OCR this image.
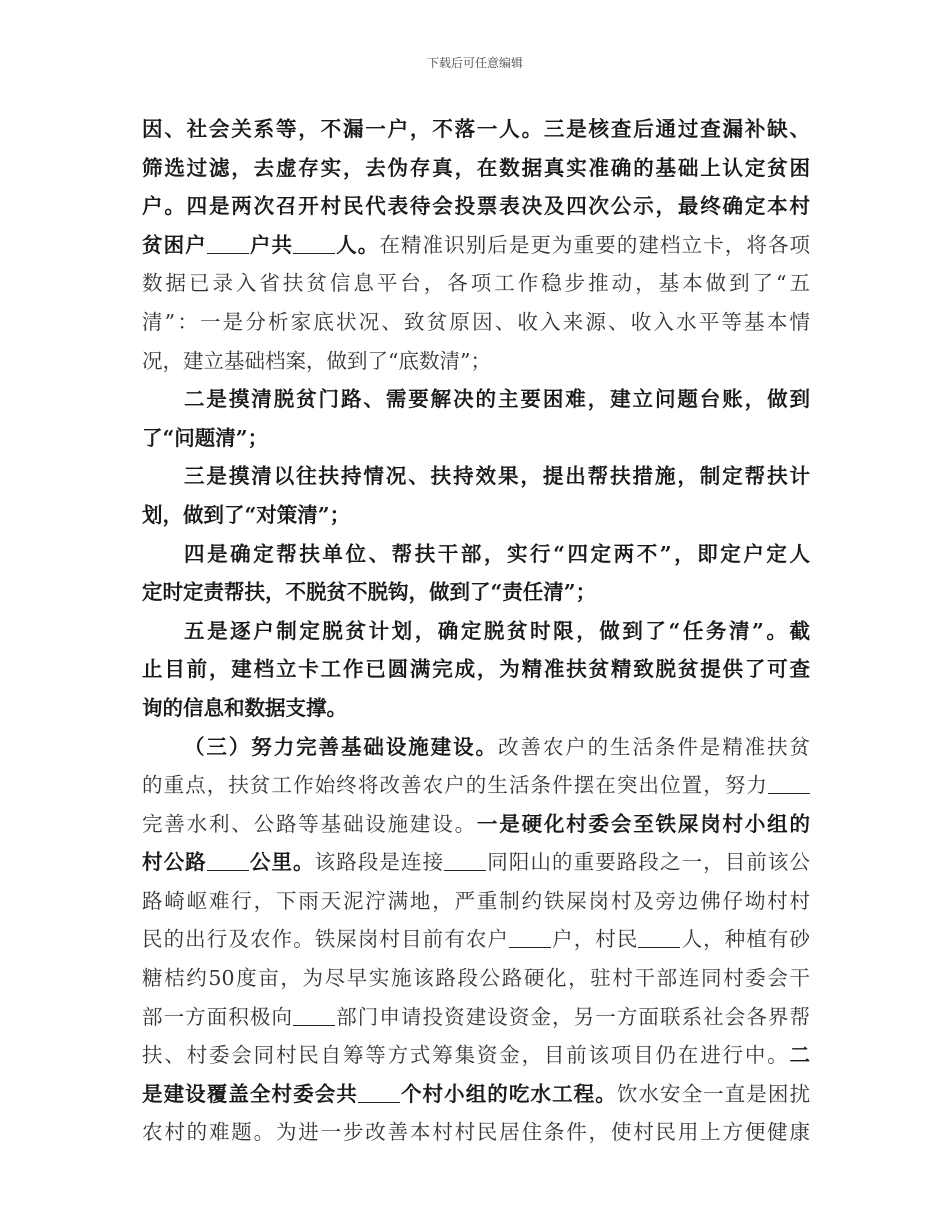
下载后可任意编辑
因、社会关系等，不漏一户，不落一人。三是核查后通过查漏补缺、
筛选过滤，去虚存实，去伪存真，在数据真实准确的基础上认定贫困
户。四是两次召开村民代表待会投票表决及四次公示，最终确定本村
贫困户 户共 人。在精准识别后是更为重要的建档立卡，将各项
数据已录入省扶贫信息平台，各项工作稳步推动，基本做到了“五
清”：一是分析家底状况、致贫原因、收入来源、收入水平等基本情
况，建立基础档案，做到了“底数清”；
二是摸清脱贫门路、需要解决的主要困难，建立问题台账，做到
了“问题清”；
三是摸清以往扶持情况、扶持效果，提出帮扶措施，制定帮扶计
划，做到了“对策清”；
四是确定帮扶单位、帮扶干部，实行“四定两不”，即定户定人
定时定责帮扶，不脱贫不脱钩，做到了“责任清”；
五是逐户制定脱贫计划，确定脱贫时限，做到了“任务清”。截
止目前，建档立卡工作已圆满完成，为精准扶贫精致脱贫提供了可查
询的信息和数据支撑。
（三）努力完善基础设施建设。改善农户的生活条件是精准扶贫
的重点，扶贫工作始终将改善农户的生活条件摆在突出位置，努力
完善水利、公路等基础设施建设。一是硬化村委会至铁屎岗村小组的
村公路 公里。该路段是连接 同阳山的重要路段之一，目前该公
路崎岖难行，下雨天泥泞满地，严重制约铁屎岗村及旁边佛仔坳村村
民的出行及农作。铁屎岗村目前有农户 户，村民 人，种植有砂
糖桔约50度亩，为尽早实施该路段公路硬化，驻村干部连同村委会干
部一方面积极向 部门申请投资建设资金，另一方面联系社会各界帮
扶、村委会同村民自筹等方式筹集资金，目前该项目仍在进行中。二
是建设覆盖全村委会共 个村小组的吃水工程。饮水安全一直是困扰
农村的难题。为进一步改善本村村民居住条件，使村民用上方便健康
